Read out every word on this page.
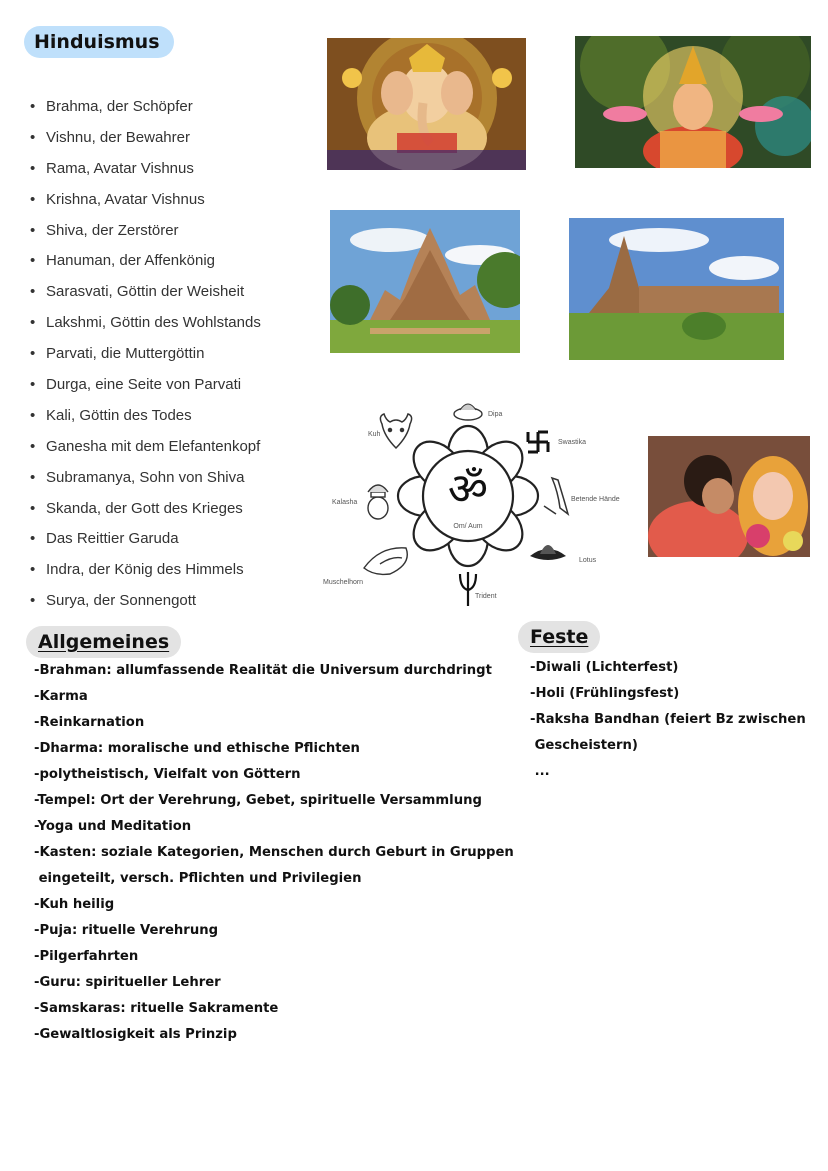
Hinduismus
• Brahma, der Schöpfer
• Vishnu, der Bewahrer
• Rama, Avatar Vishnus
• Krishna, Avatar Vishnus
• Shiva, der Zerstörer
• Hanuman, der Affenkönig
• Sarasvati, Göttin der Weisheit
• Lakshmi, Göttin des Wohlstands
• Parvati, die Muttergöttin
• Durga, eine Seite von Parvati
• Kali, Göttin des Todes
• Ganesha mit dem Elefantenkopf
• Subramanya, Sohn von Shiva
• Skanda, der Gott des Krieges
• Das Reittier Garuda
• Indra, der König des Himmels
• Surya, der Sonnengott
ॐ
Kuh
Dipa
Swastika
Kalasha	Betende Hände
Lotus
Muschelhorn
Trident
Om/ Aum
Allgemeines
-Brahman: allumfassende Realität die Universum durchdringt
-Karma
-Reinkarnation
-Dharma: moralische und ethische Pflichten
-polytheistisch, Vielfalt von Göttern
-Tempel: Ort der Verehrung, Gebet, spirituelle Versammlung
-Yoga und Meditation
-Kasten: soziale Kategorien, Menschen durch Geburt in Gruppen
eingeteilt, versch. Pflichten und Privilegien
-Kuh heilig
-Puja: rituelle Verehrung
-Pilgerfahrten
-Guru: spiritueller Lehrer
-Samskaras: rituelle Sakramente
-Gewaltlosigkeit als Prinzip
Feste
-Diwali (Lichterfest)
-Holi (Frühlingsfest)
-Raksha Bandhan (feiert Bz zwischen
Gescheistern)
...
